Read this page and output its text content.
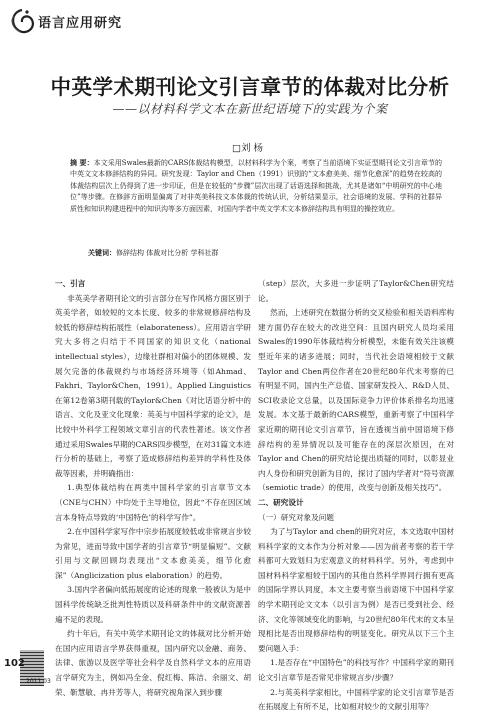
语言应用研究
中英学术期刊论文引言章节的体裁对比分析
——以材料科学文本在新世纪语境下的实践为个案
□刘 杨
摘 要：本文采用Swales最新的CARS体裁结构模型，以材料科学为个案，考察了当前语境下实证型期刊论文引言章节的中英文文本修辞结构的异同。研究发现：Taylor and Chen（1991）识别的“文本愈美美、细节化愈深”的趋势在较高的体裁结构层次上仍得到了进一步印证，但是在较低的“步骤”层次出现了话语选择和挑战，尤其是诸如“中明研究的中心地位”等步骤。在修辞方面明显偏离了对非英美科技文本体裁的传统认识，分析结果显示，社会语境的发展、学科的社群异质性和知识构建进程中的知识沟等多方面因素，对国内学者中英文学术文本修辞结构具有明显的操控效应。
关键词：修辞结构 体裁对比分析 学科社群

一、引言

非英美学者期刊论文的引言部分在写作风格方面区别于英美学者，如较短的文本长度、较多的非常规修辞结构及较低的修辞结构拓展性（elaborateness）。应用语言学研究大多将之归结于不同国家的知识文化（national intellectual styles），边缘社群相对偏小的团体规模、发展欠完备的体裁规约与市场经济环境等（如Ahmad、Fakhri、Taylor&Chen，1991）。Applied Linguistics在第12卷第3期刊载的Taylor&Chen《对比话语分析中的语言、文化及亚文化现象：英美与中国科学家的论文》，是比较中外科学工程领域文章引言的代表性著述。该文作者通过采用Swales早期的CARS四步模型，在对31篇文本进行分析的基础上，考察了造成修辞结构差异的学科性及体裁等因素，并明确指出：

1.典型体裁结构在两类中国科学家的引言章节文本（CNE与CHN）中均处于主导地位，因此“不存在因区域言本身特点导致的‘中国特色’的科学写作”。

2.在中国科学家写作中宗步拓展度较低或非常规言步较为常见，进而导致中国学者的引言章节“明显偏短”。文献引用与文献回顾均表现出“文本愈美美，细节化愈深”（Anglicization plus elaboration）的趋势。

3.国内学者偏向低拓展度的论述的现象一般被认为是中国科学传统缺乏批判性特质以及科研条件中的文献资源普遍不足的表现。

约十年后，有关中英学术期刊论文的体裁对比分析开始在国内应用语言学界获得重视，国内研究以金融、商务、法律、旅游以及医学等社会科学及自然科学文本的应用语言学研究为主，例如冯全金、倪红梅、陈洁、余丽文、胡荣、靳慧敏、冉井芳等人，将研究视角深入到步骤

（step）层次，大多进一步证明了Taylor&Chen研究结论。

然而，上述研究在数据分析的交叉检验和相关语料库构建方面仍存在较大的改进空间：且国内研究人员均采用Swales的1990年体裁结构分析模型，未能有效关注该模型近年来的诸多进展；同时，当代社会语境相较于文献Taylor and Chen两位作者在20世纪80年代末考察的已有明显不同，国内生产总值、国家研发投入、R&D人员、SCI收录论文总量，以及国际竞争力评价体系排名均迅速发展。本文基于最新的CARS模型，重新考察了中国科学家近期的期刊论文引言章节，旨在透视当前中国语境下修辞结构的差异情况以及可能存在的深层次原因，在对Taylor and Chen的研究结论提出质疑的同时，以彰显业内人身份和研究创新为目的，探讨了国内学者对“符号资源（semiotic trade）的使用，改变与创新及相关技巧”。

二、研究设计

（一）研究对象及问题

为了与Taylor and chen的研究对应，本文选取中国材料科学家的文本作为分析对象——因为前者考察的若干学科都可大致划归为宏观意义的材料科学。另外，考虑到中国材料科学家相较于国内的其他自然科学界同行拥有更高的国际学界认同度，本文主要考察当前语境下中国科学家的学术期刊论文文本（以引言为例）是否已受到社会、经济、文化等领域变化的影响，与20世纪80年代末的文本呈现相比是否出现修辞结构的明显变化。研究从以下三个主要问题入手：

1.是否存在“中国特色”的科技写作？中国科学家的期刊论文引言章节是否常见非常规言步/步骤？

2.与英美科学家相比，中国科学家的论文引言章节是否在拓展度上有所不足，比如相对较少的文献引用等？

102
2011.03
